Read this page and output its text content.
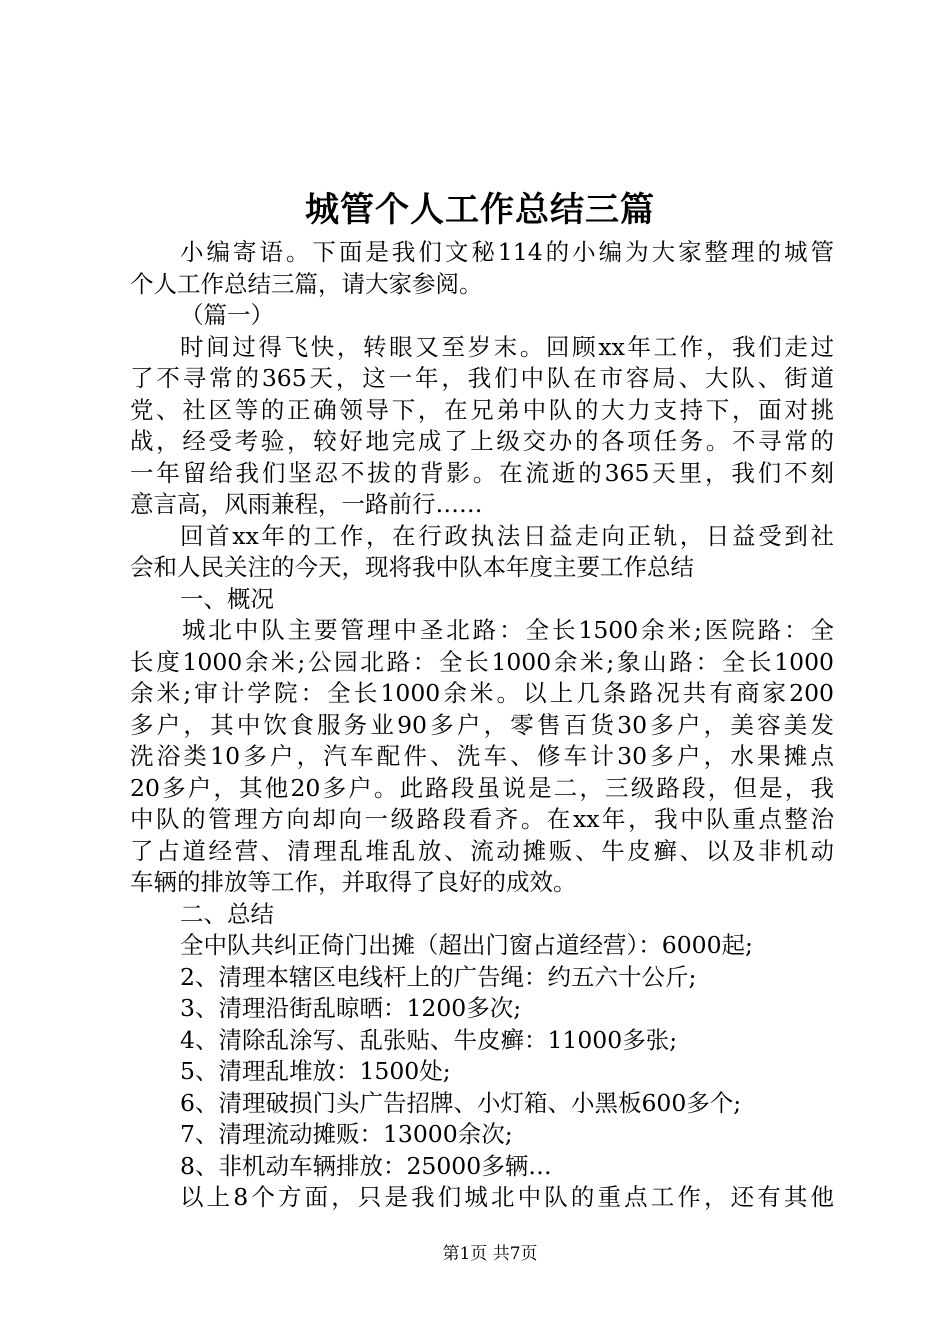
城管个人工作总结三篇
小编寄语。下面是我们文秘114的小编为大家整理的城管
个人工作总结三篇，请大家参阅。
（篇一）
时间过得飞快，转眼又至岁末。回顾xx年工作，我们走过
了不寻常的365天，这一年，我们中队在市容局、大队、街道
党、社区等的正确领导下，在兄弟中队的大力支持下，面对挑
战，经受考验，较好地完成了上级交办的各项任务。不寻常的
一年留给我们坚忍不拔的背影。在流逝的365天里，我们不刻
意言高，风雨兼程，一路前行……
回首xx年的工作，在行政执法日益走向正轨，日益受到社
会和人民关注的今天，现将我中队本年度主要工作总结
一、概况
城北中队主要管理中圣北路：全长1500余米;医院路：全
长度1000余米;公园北路：全长1000余米;象山路：全长1000
余米;审计学院：全长1000余米。以上几条路况共有商家200
多户，其中饮食服务业90多户，零售百货30多户，美容美发
洗浴类10多户，汽车配件、洗车、修车计30多户，水果摊点
20多户，其他20多户。此路段虽说是二，三级路段，但是，我
中队的管理方向却向一级路段看齐。在xx年，我中队重点整治
了占道经营、清理乱堆乱放、流动摊贩、牛皮癣、以及非机动
车辆的排放等工作，并取得了良好的成效。
二、总结
全中队共纠正倚门出摊（超出门窗占道经营）：6000起;
2、清理本辖区电线杆上的广告绳：约五六十公斤;
3、清理沿街乱晾晒：1200多次;
4、清除乱涂写、乱张贴、牛皮癣：11000多张;
5、清理乱堆放：1500处;
6、清理破损门头广告招牌、小灯箱、小黑板600多个;
7、清理流动摊贩：13000余次;
8、非机动车辆排放：25000多辆…
以上8个方面，只是我们城北中队的重点工作，还有其他
第1页 共7页
